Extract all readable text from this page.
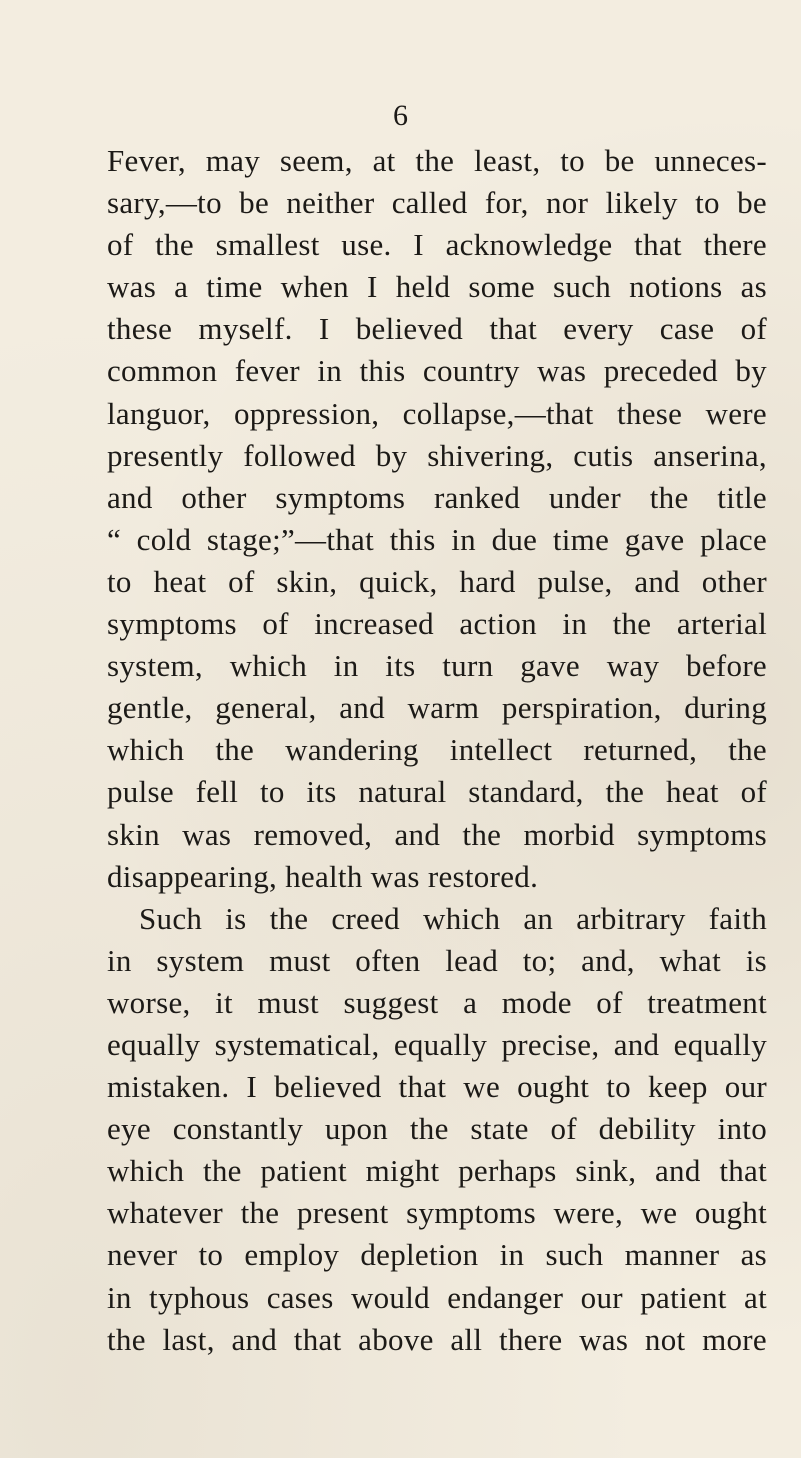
6
Fever, may seem, at the least, to be unneces-
sary,—to be neither called for, nor likely to be
of the smallest use. I acknowledge that there
was a time when I held some such notions as
these myself. I believed that every case of
common fever in this country was preceded by
languor, oppression, collapse,—that these were
presently followed by shivering, cutis anserina,
and other symptoms ranked under the title
“ cold stage;”—that this in due time gave place
to heat of skin, quick, hard pulse, and other
symptoms of increased action in the arterial
system, which in its turn gave way before
gentle, general, and warm perspiration, during
which the wandering intellect returned, the
pulse fell to its natural standard, the heat of
skin was removed, and the morbid symptoms
disappearing, health was restored.
Such is the creed which an arbitrary faith
in system must often lead to; and, what is
worse, it must suggest a mode of treatment
equally systematical, equally precise, and equally
mistaken. I believed that we ought to keep our
eye constantly upon the state of debility into
which the patient might perhaps sink, and that
whatever the present symptoms were, we ought
never to employ depletion in such manner as
in typhous cases would endanger our patient at
the last, and that above all there was not more
